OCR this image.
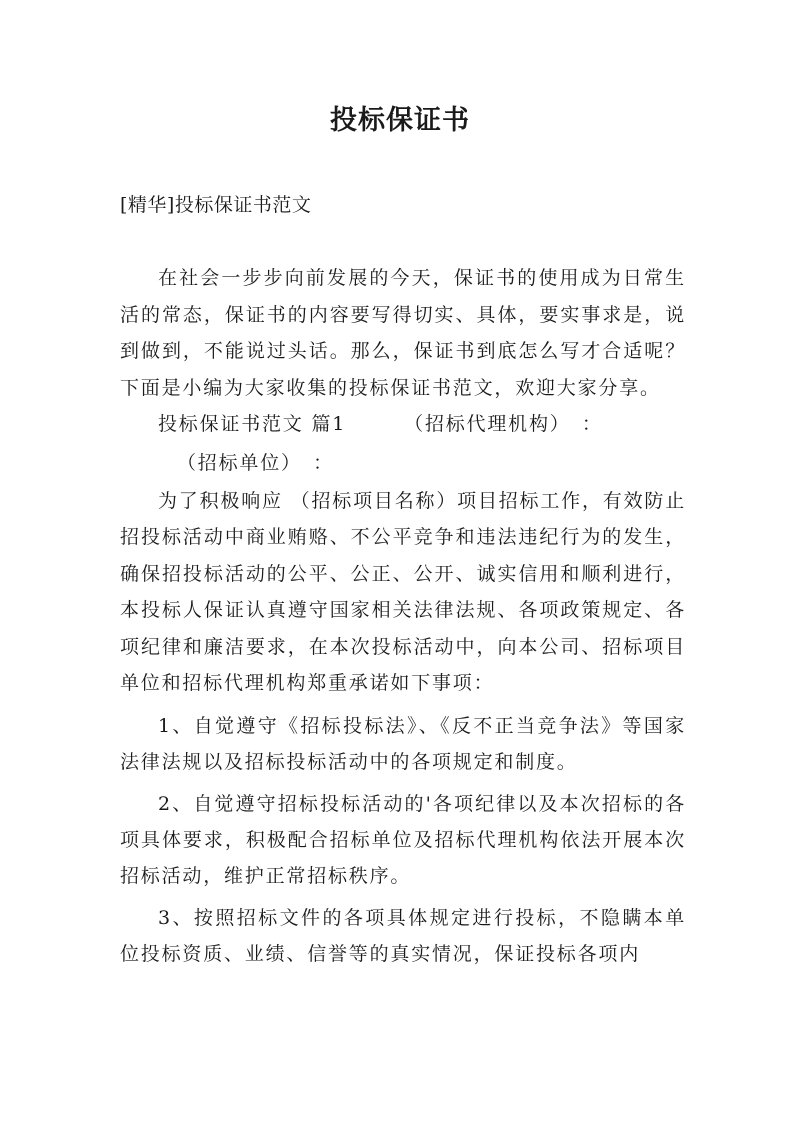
投标保证书

[精华]投标保证书范文

在社会一步步向前发展的今天，保证书的使用成为日常生活的常态，保证书的内容要写得切实、具体，要实事求是，说到做到，不能说过头话。那么，保证书到底怎么写才合适呢？下面是小编为大家收集的投标保证书范文，欢迎大家分享。

投标保证书范文 篇1	（招标代理机构）　：

（招标单位）　：

为了积极响应 （招标项目名称）项目招标工作，有效防止招投标活动中商业贿赂、不公平竞争和违法违纪行为的发生，确保招投标活动的公平、公正、公开、诚实信用和顺利进行，本投标人保证认真遵守国家相关法律法规、各项政策规定、各项纪律和廉洁要求，在本次投标活动中，向本公司、招标项目单位和招标代理机构郑重承诺如下事项：

1、自觉遵守《招标投标法》、《反不正当竞争法》等国家法律法规以及招标投标活动中的各项规定和制度。

2、自觉遵守招标投标活动的'各项纪律以及本次招标的各项具体要求，积极配合招标单位及招标代理机构依法开展本次招标活动，维护正常招标秩序。

3、按照招标文件的各项具体规定进行投标，不隐瞒本单位投标资质、业绩、信誉等的真实情况，保证投标各项内
